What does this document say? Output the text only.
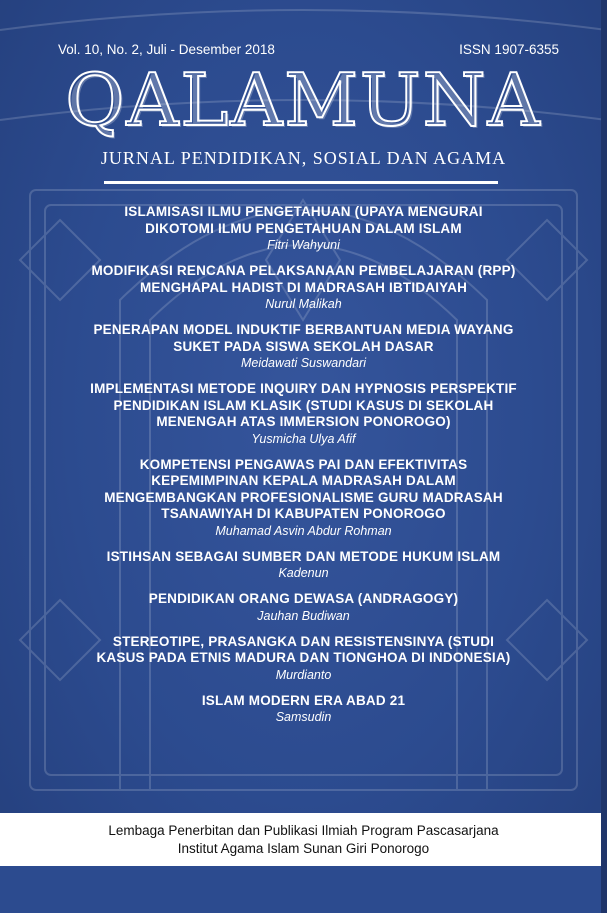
Vol. 10, No. 2, Juli - Desember 2018	ISSN 1907-6355
QALAMUNA
JURNAL PENDIDIKAN, SOSIAL DAN AGAMA
ISLAMISASI ILMU PENGETAHUAN (UPAYA MENGURAI
DIKOTOMI ILMU PENGETAHUAN DALAM ISLAM
Fitri Wahyuni
MODIFIKASI RENCANA PELAKSANAAN PEMBELAJARAN (RPP)
MENGHAPAL HADIST DI MADRASAH IBTIDAIYAH
Nurul Malikah
PENERAPAN MODEL INDUKTIF BERBANTUAN MEDIA WAYANG
SUKET PADA SISWA SEKOLAH DASAR
Meidawati Suswandari
IMPLEMENTASI METODE INQUIRY DAN HYPNOSIS PERSPEKTIF
PENDIDIKAN ISLAM KLASIK (STUDI KASUS DI SEKOLAH
MENENGAH ATAS IMMERSION PONOROGO)
Yusmicha Ulya Afif
KOMPETENSI PENGAWAS PAI DAN EFEKTIVITAS
KEPEMIMPINAN KEPALA MADRASAH DALAM
MENGEMBANGKAN PROFESIONALISME GURU MADRASAH
TSANAWIYAH DI KABUPATEN PONOROGO
Muhamad Asvin Abdur Rohman
ISTIHSAN SEBAGAI SUMBER DAN METODE HUKUM ISLAM
Kadenun
PENDIDIKAN ORANG DEWASA (ANDRAGOGY)
Jauhan Budiwan
STEREOTIPE, PRASANGKA DAN RESISTENSINYA (STUDI
KASUS PADA ETNIS MADURA DAN TIONGHOA DI INDONESIA)
Murdianto
ISLAM MODERN ERA ABAD 21
Samsudin
Lembaga Penerbitan dan Publikasi Ilmiah Program Pascasarjana
Institut Agama Islam Sunan Giri Ponorogo
